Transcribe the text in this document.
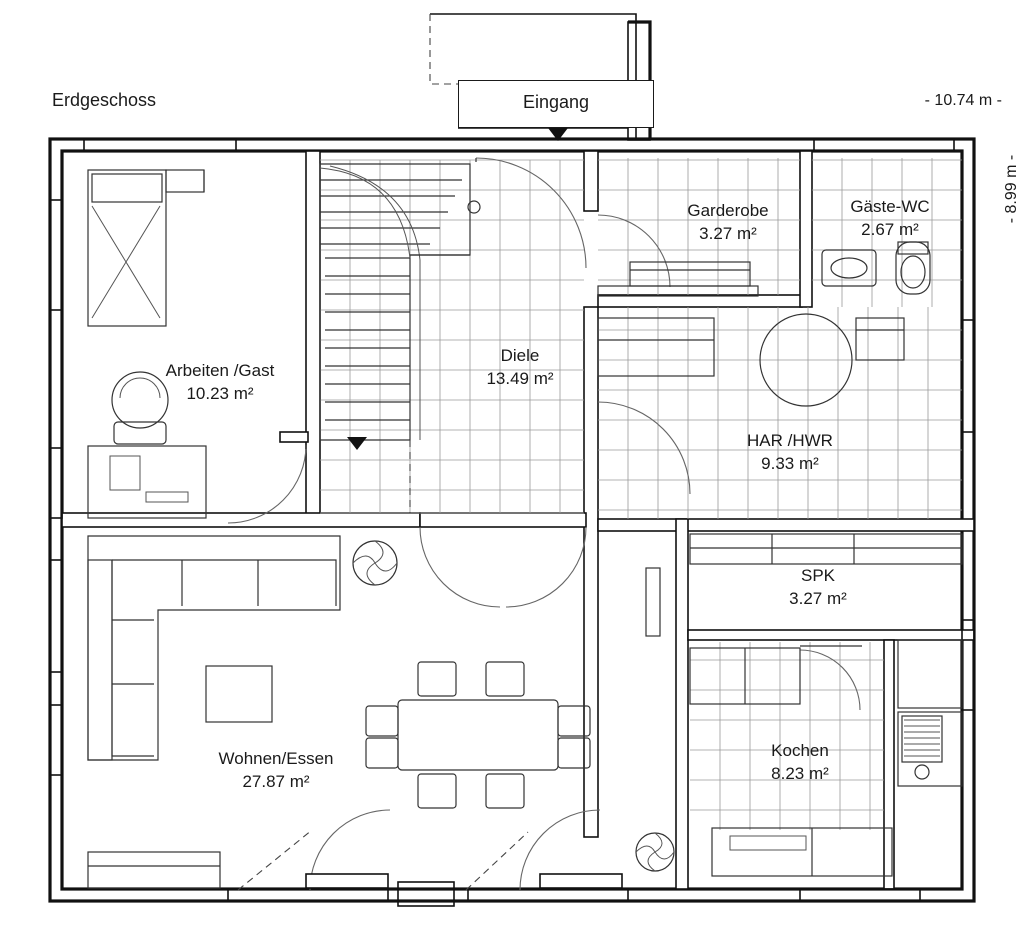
Erdgeschoss	- 10.74 m -
- 8.99 m -
Eingang
Garderobe
3.27 m²
Gäste-WC
2.67 m²
Arbeiten /Gast
10.23 m²
Diele
13.49 m²
HAR /HWR
9.33 m²
SPK
3.27 m²
Wohnen/Essen
27.87 m²
Kochen
8.23 m²
